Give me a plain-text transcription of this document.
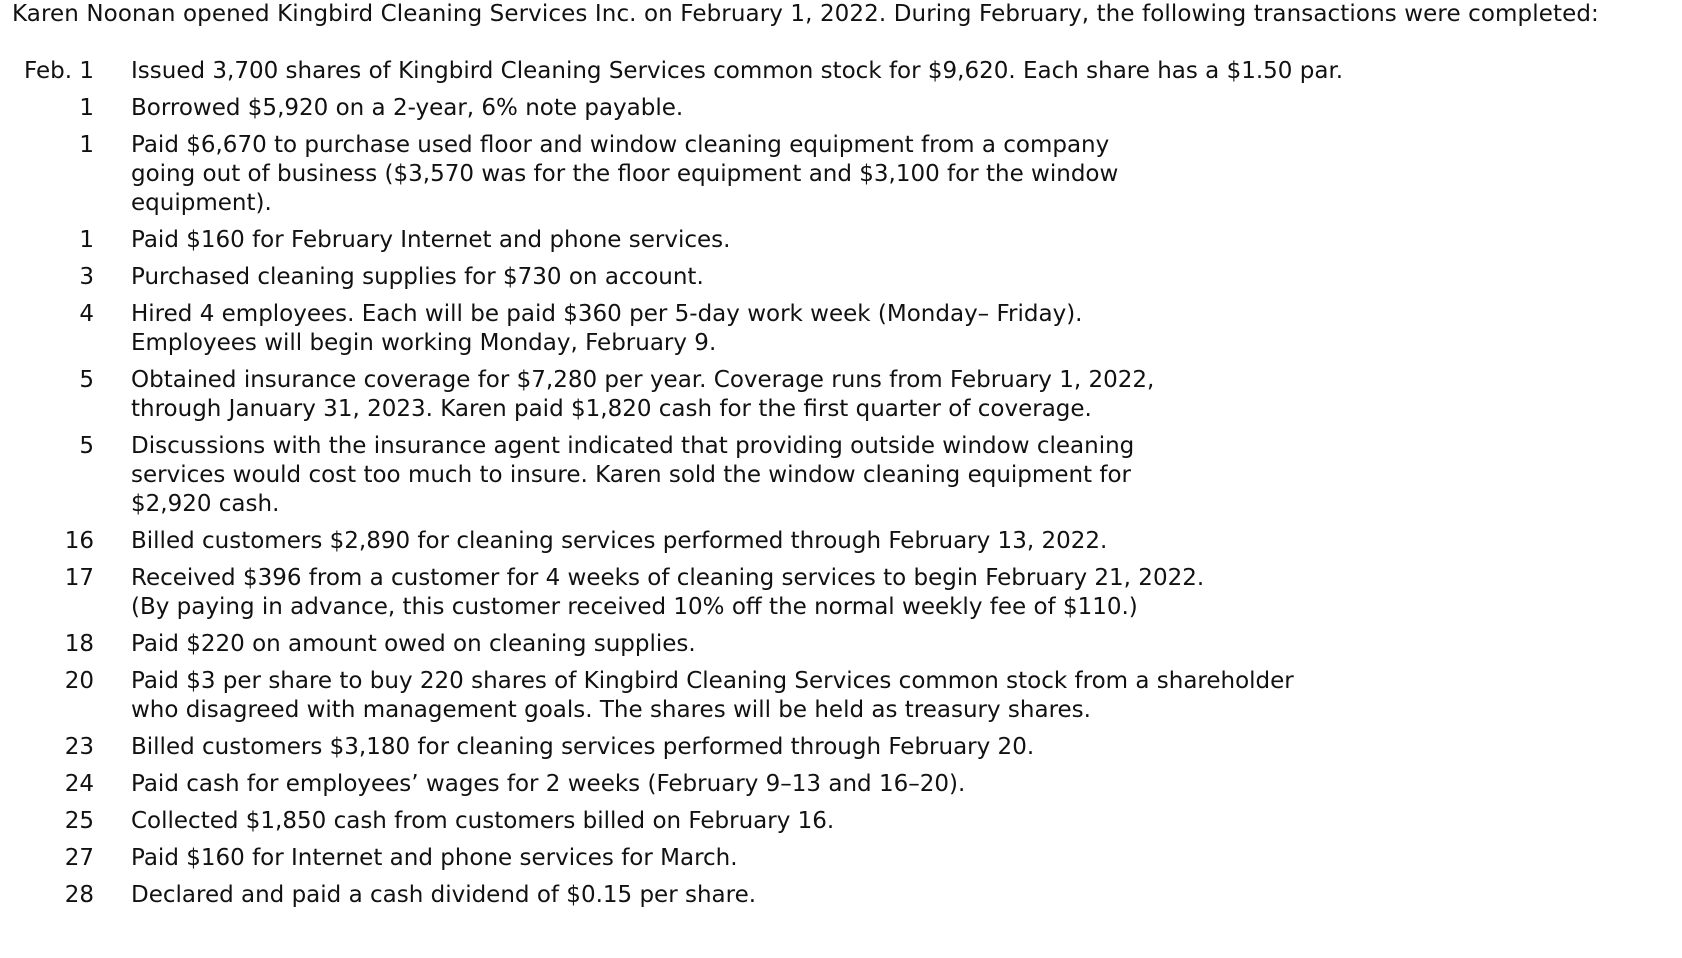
Karen Noonan opened Kingbird Cleaning Services Inc. on February 1, 2022. During February, the following transactions were completed:

Feb. 1		Issued 3,700 shares of Kingbird Cleaning Services common stock for $9,620. Each share has a $1.50 par.

1		Borrowed $5,920 on a 2-year, 6% note payable.

1		Paid $6,670 to purchase used floor and window cleaning equipment from a company
going out of business ($3,570 was for the floor equipment and $3,100 for the window
equipment).

1		Paid $160 for February Internet and phone services.

3		Purchased cleaning supplies for $730 on account.

4		Hired 4 employees. Each will be paid $360 per 5-day work week (Monday– Friday).
Employees will begin working Monday, February 9.

5		Obtained insurance coverage for $7,280 per year. Coverage runs from February 1, 2022,
through January 31, 2023. Karen paid $1,820 cash for the first quarter of coverage.

5		Discussions with the insurance agent indicated that providing outside window cleaning
services would cost too much to insure. Karen sold the window cleaning equipment for
$2,920 cash.

16		Billed customers $2,890 for cleaning services performed through February 13, 2022.

17		Received $396 from a customer for 4 weeks of cleaning services to begin February 21, 2022.
(By paying in advance, this customer received 10% off the normal weekly fee of $110.)

18		Paid $220 on amount owed on cleaning supplies.

20		Paid $3 per share to buy 220 shares of Kingbird Cleaning Services common stock from a shareholder
who disagreed with management goals. The shares will be held as treasury shares.

23		Billed customers $3,180 for cleaning services performed through February 20.

24		Paid cash for employees’ wages for 2 weeks (February 9–13 and 16–20).

25		Collected $1,850 cash from customers billed on February 16.

27		Paid $160 for Internet and phone services for March.

28		Declared and paid a cash dividend of $0.15 per share.
